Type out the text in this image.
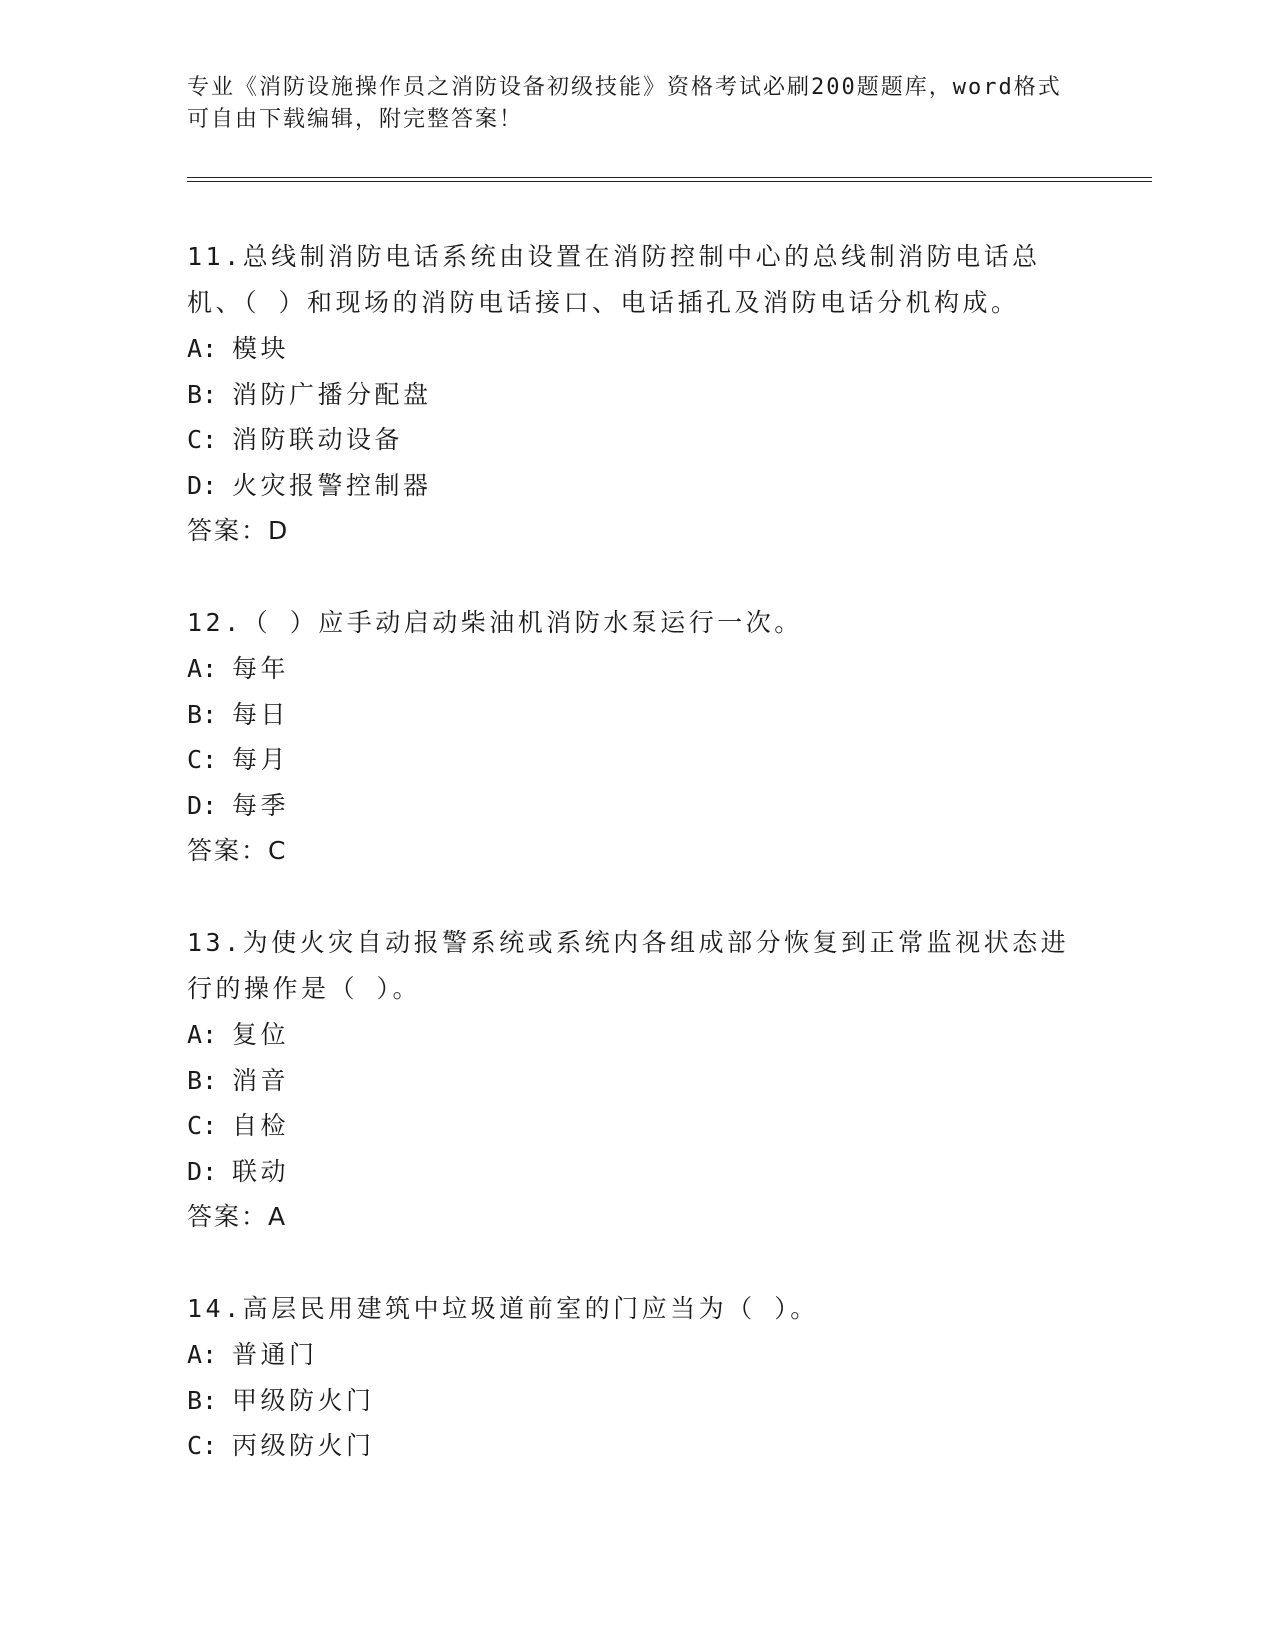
专业《消防设施操作员之消防设备初级技能》资格考试必刷200题题库，word格式可自由下载编辑，附完整答案！
11.总线制消防电话系统由设置在消防控制中心的总线制消防电话总机、（ ）和现场的消防电话接口、电话插孔及消防电话分机构成。
A: 模块
B: 消防广播分配盘
C: 消防联动设备
D: 火灾报警控制器
答案：D
12.（ ）应手动启动柴油机消防水泵运行一次。
A: 每年
B: 每日
C: 每月
D: 每季
答案：C
13.为使火灾自动报警系统或系统内各组成部分恢复到正常监视状态进行的操作是（ ）。
A: 复位
B: 消音
C: 自检
D: 联动
答案：A
14.高层民用建筑中垃圾道前室的门应当为（ ）。
A: 普通门
B: 甲级防火门
C: 丙级防火门
